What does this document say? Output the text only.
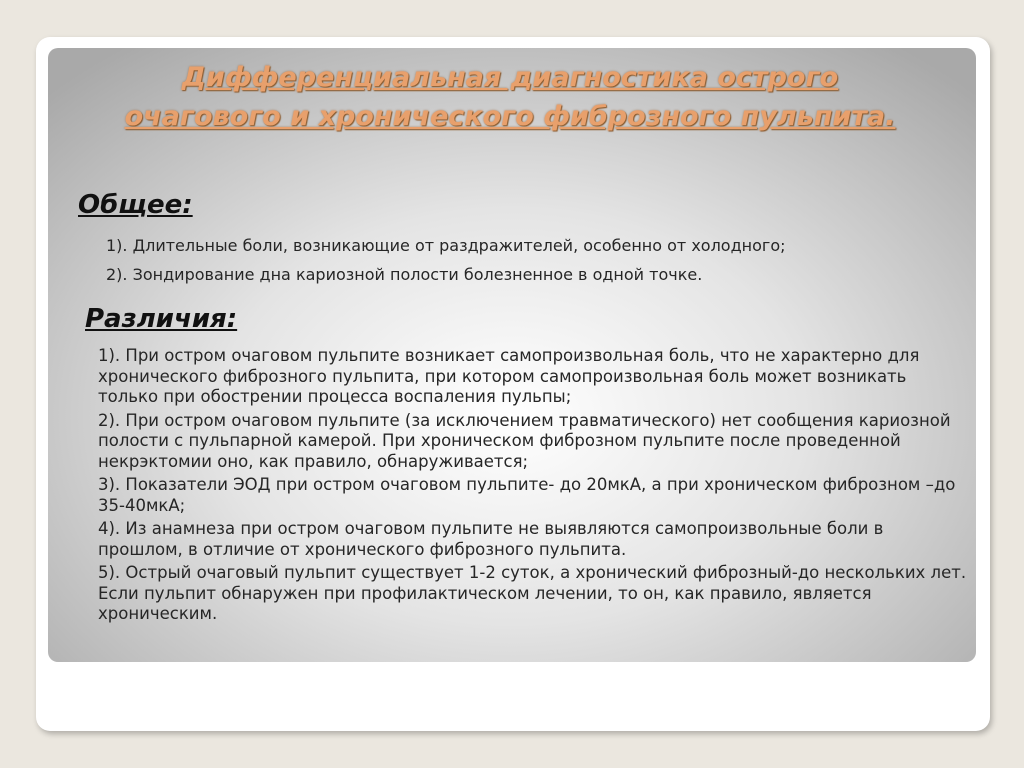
Дифференциальная диагностика острого очагового и хронического фиброзного пульпита.
Общее:
1). Длительные боли, возникающие от раздражителей, особенно от холодного;
2). Зондирование дна кариозной полости болезненное в одной точке.
Различия:
1). При остром очаговом пульпите возникает самопроизвольная боль, что не характерно для хронического фиброзного пульпита, при котором самопроизвольная боль может возникать только при обострении процесса воспаления пульпы;
2). При остром очаговом пульпите (за исключением травматического) нет сообщения кариозной полости с пульпарной камерой. При хроническом фиброзном пульпите после проведенной некрэктомии оно, как правило, обнаруживается;
3). Показатели ЭОД при остром очаговом пульпите- до 20мкА, а при хроническом фиброзном –до 35-40мкА;
4). Из анамнеза при остром очаговом пульпите не выявляются самопроизвольные боли в прошлом, в отличие от хронического фиброзного пульпита.
5). Острый очаговый пульпит существует 1-2 суток, а хронический фиброзный-до нескольких лет. Если пульпит обнаружен при профилактическом лечении, то он, как правило, является хроническим.
